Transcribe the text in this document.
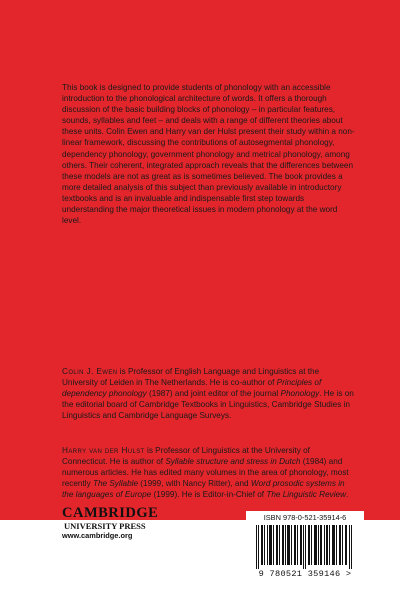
This book is designed to provide students of phonology with an accessible introduction to the phonological architecture of words. It offers a thorough discussion of the basic building blocks of phonology – in particular features, sounds, syllables and feet – and deals with a range of different theories about these units. Colin Ewen and Harry van der Hulst present their study within a non-linear framework, discussing the contributions of autosegmental phonology, dependency phonology, government phonology and metrical phonology, among others. Their coherent, integrated approach reveals that the differences between these models are not as great as is sometimes believed. The book provides a more detailed analysis of this subject than previously available in introductory textbooks and is an invaluable and indispensable first step towards understanding the major theoretical issues in modern phonology at the word level.
Colin J. Ewen is Professor of English Language and Linguistics at the University of Leiden in The Netherlands. He is co-author of Principles of dependency phonology (1987) and joint editor of the journal Phonology. He is on the editorial board of Cambridge Textbooks in Linguistics, Cambridge Studies in Linguistics and Cambridge Language Surveys.
Harry van der Hulst is Professor of Linguistics at the University of Connecticut. He is author of Syllable structure and stress in Dutch (1984) and numerous articles. He has edited many volumes in the area of phonology, most recently The Syllable (1999, with Nancy Ritter), and Word prosodic systems in the languages of Europe (1999). He is Editor-in-Chief of The Linguistic Review.
CAMBRIDGE
UNIVERSITY PRESS
www.cambridge.org
ISBN 978-0-521-35914-6
9 780521 359146 >
